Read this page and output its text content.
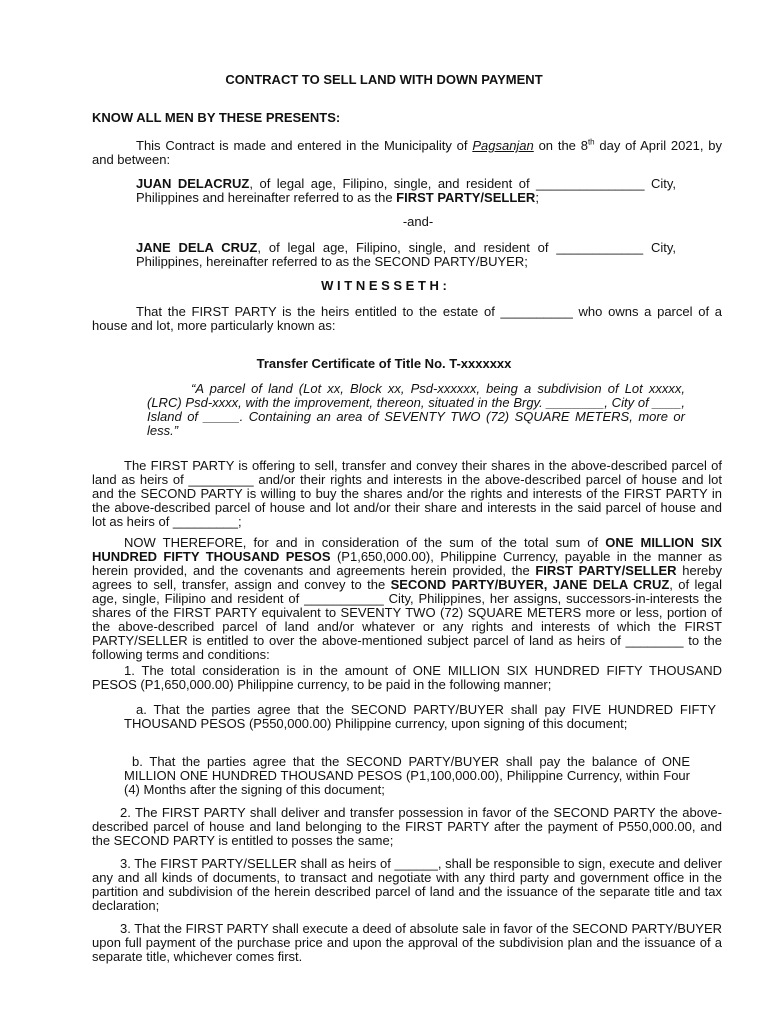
CONTRACT TO SELL LAND WITH DOWN PAYMENT
KNOW ALL MEN BY THESE PRESENTS:

This Contract is made and entered in the Municipality of Pagsanjan on the 8th day of April 2021, by and between:

JUAN DELACRUZ, of legal age, Filipino, single, and resident of _______________ City, Philippines and hereinafter referred to as the FIRST PARTY/SELLER;

-and-

JANE DELA CRUZ, of legal age, Filipino, single, and resident of ____________ City, Philippines, hereinafter referred to as the SECOND PARTY/BUYER;

W I T N E S S E T H :

That the FIRST PARTY is the heirs entitled to the estate of __________ who owns a parcel of a house and lot, more particularly known as:

Transfer Certificate of Title No. T-xxxxxxx

“A parcel of land (Lot xx, Block xx, Psd-xxxxxx, being a subdivision of Lot xxxxx, (LRC) Psd-xxxx, with the improvement, thereon, situated in the Brgy. ________, City of ____, Island of _____. Containing an area of SEVENTY TWO (72) SQUARE METERS, more or less.”

The FIRST PARTY is offering to sell, transfer and convey their shares in the above-described parcel of land as heirs of _________ and/or their rights and interests in the above-described parcel of house and lot and the SECOND PARTY is willing to buy the shares and/or the rights and interests of the FIRST PARTY in the above-described parcel of house and lot and/or their share and interests in the said parcel of house and lot as heirs of _________;

NOW THEREFORE, for and in consideration of the sum of the total sum of ONE MILLION SIX HUNDRED FIFTY THOUSAND PESOS (P1,650,000.00), Philippine Currency, payable in the manner as herein provided, and the covenants and agreements herein provided, the FIRST PARTY/SELLER hereby agrees to sell, transfer, assign and convey to the SECOND PARTY/BUYER, JANE DELA CRUZ, of legal age, single, Filipino and resident of ___________ City, Philippines, her assigns, successors-in-interests the shares of the FIRST PARTY equivalent to SEVENTY TWO (72) SQUARE METERS more or less, portion of the above-described parcel of land and/or whatever or any rights and interests of which the FIRST PARTY/SELLER is entitled to over the above-mentioned subject parcel of land as heirs of ________ to the following terms and conditions:

1. The total consideration is in the amount of ONE MILLION SIX HUNDRED FIFTY THOUSAND PESOS (P1,650,000.00) Philippine currency, to be paid in the following manner;

a. That the parties agree that the SECOND PARTY/BUYER shall pay FIVE HUNDRED FIFTY THOUSAND PESOS (P550,000.00) Philippine currency, upon signing of this document;

b. That the parties agree that the SECOND PARTY/BUYER shall pay the balance of ONE MILLION ONE HUNDRED THOUSAND PESOS (P1,100,000.00), Philippine Currency, within Four (4) Months after the signing of this document;

2. The FIRST PARTY shall deliver and transfer possession in favor of the SECOND PARTY the above-described parcel of house and land belonging to the FIRST PARTY after the payment of P550,000.00, and the SECOND PARTY is entitled to posses the same;

3. The FIRST PARTY/SELLER shall as heirs of ______, shall be responsible to sign, execute and deliver any and all kinds of documents, to transact and negotiate with any third party and government office in the partition and subdivision of the herein described parcel of land and the issuance of the separate title and tax declaration;

3. That the FIRST PARTY shall execute a deed of absolute sale in favor of the SECOND PARTY/BUYER upon full payment of the purchase price and upon the approval of the subdivision plan and the issuance of a separate title, whichever comes first.
